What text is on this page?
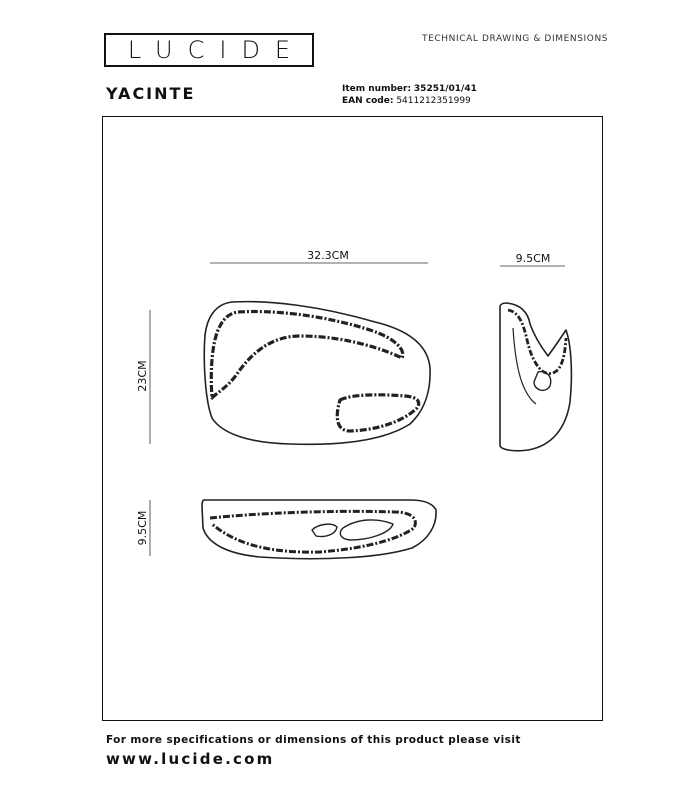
LUCIDE	TECHNICAL DRAWING & DIMENSIONS
YACINTE	Item number: 35251/01/41
EAN code: 5411212351999
32.3CM	9.5CM
23CM
9.5CM
For more specifications or dimensions of this product please visit
www.lucide.com
